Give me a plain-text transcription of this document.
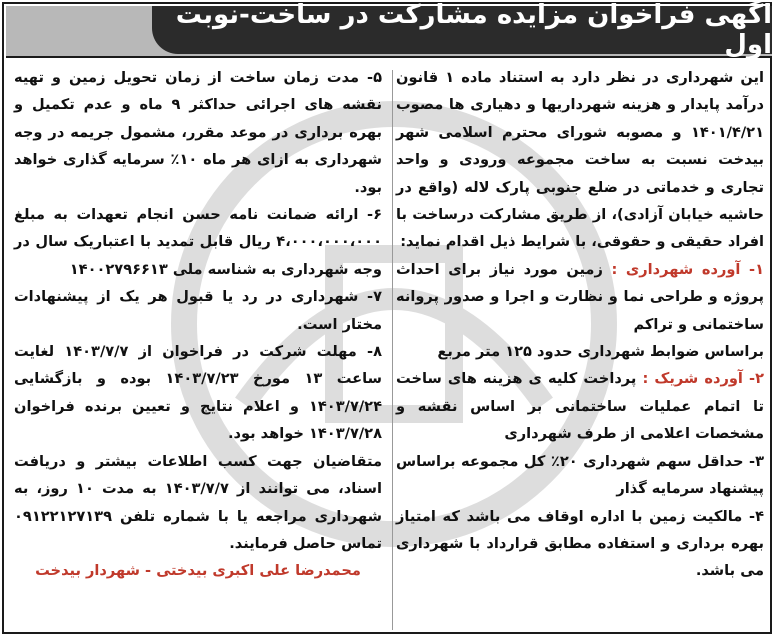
آگهی فراخوان مزایده مشارکت در ساخت-نوبت اول

این شهرداری در نظر دارد به استناد ماده ۱ قانون درآمد پایدار و هزینه شهرداریها و دهیاری ها مصوب ۱۴۰۱/۴/۲۱ و مصوبه شورای محترم اسلامی شهر بیدخت نسبت به ساخت مجموعه ورودی و واحد تجاری و خدماتی در ضلع جنوبی پارک لاله (واقع در حاشیه خیابان آزادی)، از طریق مشارکت درساخت با افراد حقیقی و حقوقی، با شرایط ذیل اقدام نماید:

۱- آورده شهرداری : زمین مورد نیاز برای احداث پروژه و طراحی نما و نظارت و اجرا و صدور پروانه ساختمانی و تراکم

براساس ضوابط شهرداری حدود ۱۲۵ متر مربع

۲- آورده شریک : پرداخت کلیه ی هزینه های ساخت تا اتمام عملیات ساختمانی بر اساس نقشه و مشخصات اعلامی از طرف شهرداری

۳- حداقل سهم شهرداری ۲۰٪ کل مجموعه براساس پیشنهاد سرمایه گذار

۴- مالکیت زمین با اداره اوقاف می باشد که امتیاز بهره برداری و استفاده مطابق قرارداد با شهرداری می باشد.

۵- مدت زمان ساخت از زمان تحویل زمین و تهیه نقشه های اجرائی حداکثر ۹ ماه و عدم تکمیل و بهره برداری در موعد مقرر، مشمول جریمه در وجه شهرداری به ازای هر ماه ۱۰٪ سرمایه گذاری خواهد بود.

۶- ارائه ضمانت نامه حسن انجام تعهدات به مبلغ ۴،۰۰۰،۰۰۰،۰۰۰ ریال قابل تمدید با اعتباریک سال در وجه شهرداری به شناسه ملی ۱۴۰۰۲۷۹۶۶۱۳

۷- شهرداری در رد یا قبول هر یک از پیشنهادات مختار است.

۸- مهلت شرکت در فراخوان از ۱۴۰۳/۷/۷ لغایت ساعت ۱۳ مورخ ۱۴۰۳/۷/۲۳ بوده و بازگشایی ۱۴۰۳/۷/۲۴ و اعلام نتایج و تعیین برنده فراخوان ۱۴۰۳/۷/۲۸ خواهد بود.

متقاضیان جهت کسب اطلاعات بیشتر و دریافت اسناد، می توانند از ۱۴۰۳/۷/۷ به مدت ۱۰ روز، به شهرداری مراجعه یا با شماره تلفن ۰۹۱۲۲۱۲۷۱۳۹ تماس حاصل فرمایند.

محمدرضا علی اکبری بیدختی - شهردار بیدخت
